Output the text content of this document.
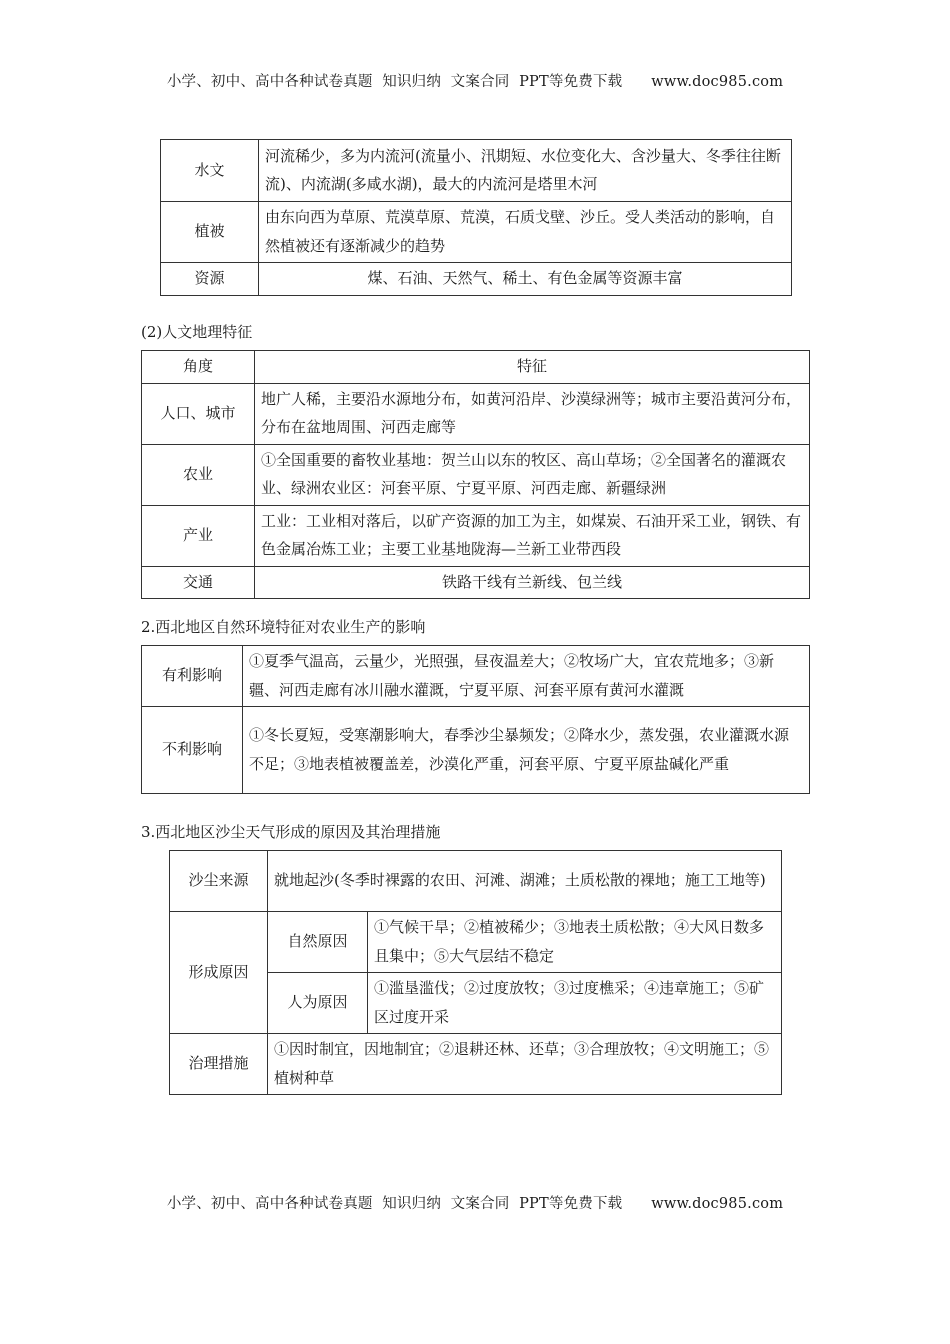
小学、初中、高中各种试卷真题  知识归纳  文案合同  PPT等免费下载      www.doc985.com
水文	河流稀少，多为内流河(流量小、汛期短、水位变化大、含沙量大、冬季往往断流)、内流湖(多咸水湖)，最大的内流河是塔里木河
植被	由东向西为草原、荒漠草原、荒漠，石质戈壁、沙丘。受人类活动的影响，自然植被还有逐渐减少的趋势
资源	煤、石油、天然气、稀土、有色金属等资源丰富
(2)人文地理特征
角度	特征
人口、城市	地广人稀，主要沿水源地分布，如黄河沿岸、沙漠绿洲等；城市主要沿黄河分布，分布在盆地周围、河西走廊等
农业	①全国重要的畜牧业基地：贺兰山以东的牧区、高山草场；②全国著名的灌溉农业、绿洲农业区：河套平原、宁夏平原、河西走廊、新疆绿洲
产业	工业：工业相对落后，以矿产资源的加工为主，如煤炭、石油开采工业，钢铁、有色金属冶炼工业；主要工业基地陇海—兰新工业带西段
交通	铁路干线有兰新线、包兰线
2.西北地区自然环境特征对农业生产的影响
有利影响	①夏季气温高，云量少，光照强，昼夜温差大；②牧场广大，宜农荒地多；③新疆、河西走廊有冰川融水灌溉，宁夏平原、河套平原有黄河水灌溉
不利影响	①冬长夏短，受寒潮影响大，春季沙尘暴频发；②降水少，蒸发强，农业灌溉水源不足；③地表植被覆盖差，沙漠化严重，河套平原、宁夏平原盐碱化严重
3.西北地区沙尘天气形成的原因及其治理措施
沙尘来源	就地起沙(冬季时裸露的农田、河滩、湖滩；土质松散的裸地；施工工地等)	
形成原因	自然原因	①气候干旱；②植被稀少；③地表土质松散；④大风日数多且集中；⑤大气层结不稳定
	人为原因	①滥垦滥伐；②过度放牧；③过度樵采；④违章施工；⑤矿区过度开采
治理措施	①因时制宜，因地制宜；②退耕还林、还草；③合理放牧；④文明施工；⑤植树种草	
小学、初中、高中各种试卷真题  知识归纳  文案合同  PPT等免费下载      www.doc985.com
